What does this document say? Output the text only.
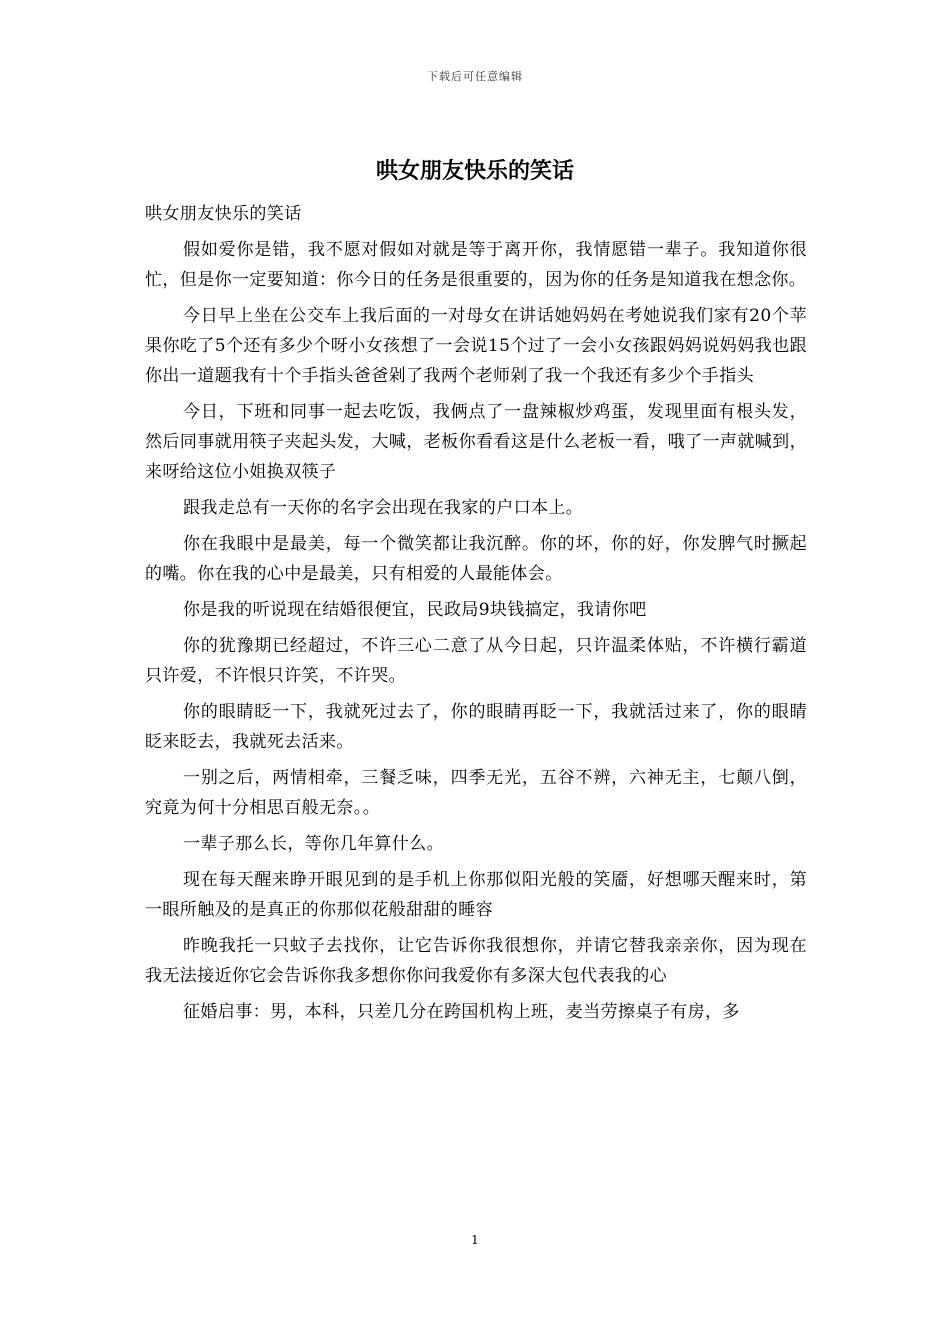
下载后可任意编辑
哄女朋友快乐的笑话

哄女朋友快乐的笑话

假如爱你是错，我不愿对假如对就是等于离开你，我情愿错一辈子。我知道你很忙，但是你一定要知道：你今日的任务是很重要的，因为你的任务是知道我在想念你。

今日早上坐在公交车上我后面的一对母女在讲话她妈妈在考她说我们家有20个苹果你吃了5个还有多少个呀小女孩想了一会说15个过了一会小女孩跟妈妈说妈妈我也跟你出一道题我有十个手指头爸爸剁了我两个老师剁了我一个我还有多少个手指头

今日，下班和同事一起去吃饭，我俩点了一盘辣椒炒鸡蛋，发现里面有根头发，然后同事就用筷子夹起头发，大喊，老板你看看这是什么老板一看，哦了一声就喊到，来呀给这位小姐换双筷子

跟我走总有一天你的名字会出现在我家的户口本上。

你在我眼中是最美，每一个微笑都让我沉醉。你的坏，你的好，你发脾气时撅起的嘴。你在我的心中是最美，只有相爱的人最能体会。

你是我的听说现在结婚很便宜，民政局9块钱搞定，我请你吧

你的犹豫期已经超过，不许三心二意了从今日起，只许温柔体贴，不许横行霸道只许爱，不许恨只许笑，不许哭。

你的眼睛眨一下，我就死过去了，你的眼睛再眨一下，我就活过来了，你的眼睛眨来眨去，我就死去活来。

一别之后，两情相牵，三餐乏味，四季无光，五谷不辨，六神无主，七颠八倒，究竟为何十分相思百般无奈。。

一辈子那么长，等你几年算什么。

现在每天醒来睁开眼见到的是手机上你那似阳光般的笑靥，好想哪天醒来时，第一眼所触及的是真正的你那似花般甜甜的睡容

昨晚我托一只蚊子去找你，让它告诉你我很想你，并请它替我亲亲你，因为现在我无法接近你它会告诉你我多想你你问我爱你有多深大包代表我的心

征婚启事：男，本科，只差几分在跨国机构上班，麦当劳擦桌子有房，多

1
